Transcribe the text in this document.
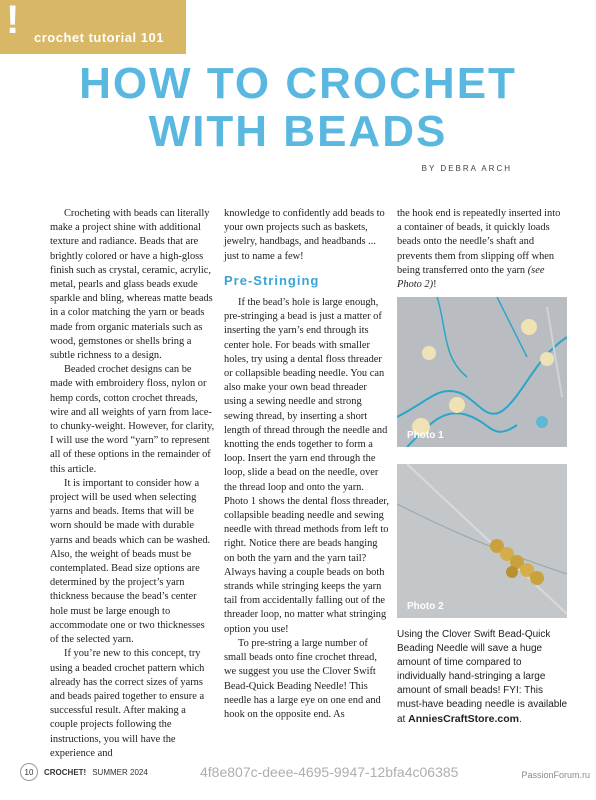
! crochet tutorial 101
HOW TO CROCHET
WITH BEADS
BY DEBRA ARCH

Crocheting with beads can literally make a project shine with additional texture and radiance. Beads that are brightly colored or have a high-gloss finish such as crystal, ceramic, acrylic, metal, pearls and glass beads exude sparkle and bling, whereas matte beads in a color matching the yarn or beads made from organic materials such as wood, gemstones or shells bring a subtle richness to a design.

Beaded crochet designs can be made with embroidery floss, nylon or hemp cords, cotton crochet threads, wire and all weights of yarn from lace- to chunky-weight. However, for clarity, I will use the word “yarn” to represent all of these options in the remainder of this article.

It is important to consider how a project will be used when selecting yarns and beads. Items that will be worn should be made with durable yarns and beads which can be washed. Also, the weight of beads must be contemplated. Bead size options are determined by the project’s yarn thickness because the bead’s center hole must be large enough to accommodate one or two thicknesses of the selected yarn.

If you’re new to this concept, try using a beaded crochet pattern which already has the correct sizes of yarns and beads paired together to ensure a successful result. After making a couple projects following the instructions, you will have the experience and

knowledge to confidently add beads to your own projects such as baskets, jewelry, handbags, and headbands ... just to name a few!

Pre-Stringing

If the bead’s hole is large enough, pre-stringing a bead is just a matter of inserting the yarn’s end through its center hole. For beads with smaller holes, try using a dental floss threader or collapsible beading needle. You can also make your own bead threader using a sewing needle and strong sewing thread, by inserting a short length of thread through the needle and knotting the ends together to form a loop. Insert the yarn end through the loop, slide a bead on the needle, over the thread loop and onto the yarn. Photo 1 shows the dental floss threader, collapsible beading needle and sewing needle with thread methods from left to right. Notice there are beads hanging on both the yarn and the yarn tail? Always having a couple beads on both strands while stringing keeps the yarn tail from accidentally falling out of the threader loop, no matter what stringing option you use!

To pre-string a large number of small beads onto fine crochet thread, we suggest you use the Clover Swift Bead-Quick Beading Needle! This needle has a large eye on one end and hook on the opposite end. As

the hook end is repeatedly inserted into a container of beads, it quickly loads beads onto the needle’s shaft and prevents them from slipping off when being transferred onto the yarn (see Photo 2)!

Photo 1
Photo 2
Using the Clover Swift Bead-Quick Beading Needle will save a huge amount of time compared to individually hand-stringing a large amount of small beads! FYI: This must-have beading needle is available at AnniesCraftStore.com.
10	CROCHET! SUMMER 2024	4f8e807c-deee-4695-9947-12bfa4c06385	PassionForum.ru
